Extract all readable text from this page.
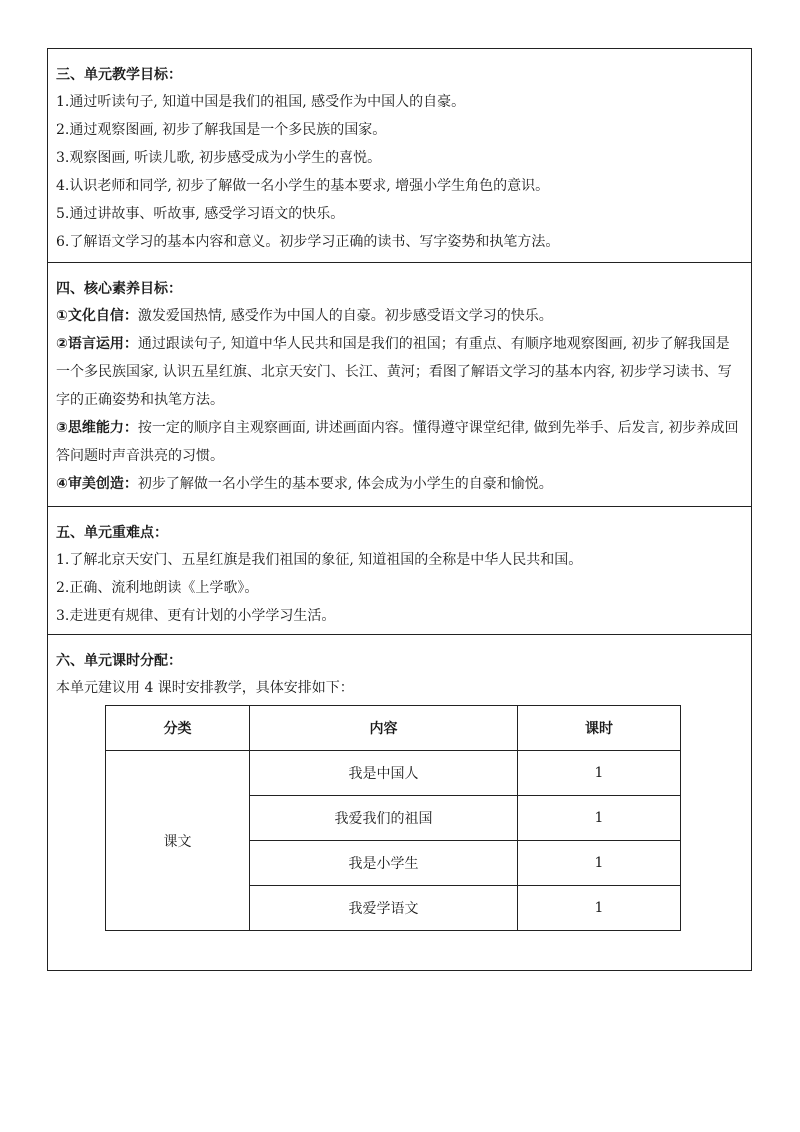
三、单元教学目标：
1.通过听读句子, 知道中国是我们的祖国, 感受作为中国人的自豪。
2.通过观察图画, 初步了解我国是一个多民族的国家。
3.观察图画, 听读儿歌, 初步感受成为小学生的喜悦。
4.认识老师和同学, 初步了解做一名小学生的基本要求, 增强小学生角色的意识。
5.通过讲故事、听故事, 感受学习语文的快乐。
6.了解语文学习的基本内容和意义。初步学习正确的读书、写字姿势和执笔方法。
四、核心素养目标：
①文化自信：激发爱国热情, 感受作为中国人的自豪。初步感受语文学习的快乐。
②语言运用：通过跟读句子, 知道中华人民共和国是我们的祖国；有重点、有顺序地观察图画, 初步了解我国是一个多民族国家, 认识五星红旗、北京天安门、长江、黄河；看图了解语文学习的基本内容, 初步学习读书、写字的正确姿势和执笔方法。
③思维能力：按一定的顺序自主观察画面, 讲述画面内容。懂得遵守课堂纪律, 做到先举手、后发言, 初步养成回答问题时声音洪亮的习惯。
④审美创造：初步了解做一名小学生的基本要求, 体会成为小学生的自豪和愉悦。
五、单元重难点：
1.了解北京天安门、五星红旗是我们祖国的象征, 知道祖国的全称是中华人民共和国。
2.正确、流利地朗读《上学歌》。
3.走进更有规律、更有计划的小学学习生活。
六、单元课时分配：
本单元建议用 4 课时安排教学，具体安排如下：
分类	内容	课时
课文	我是中国人	1
	我爱我们的祖国	1
	我是小学生	1
	我爱学语文	1
